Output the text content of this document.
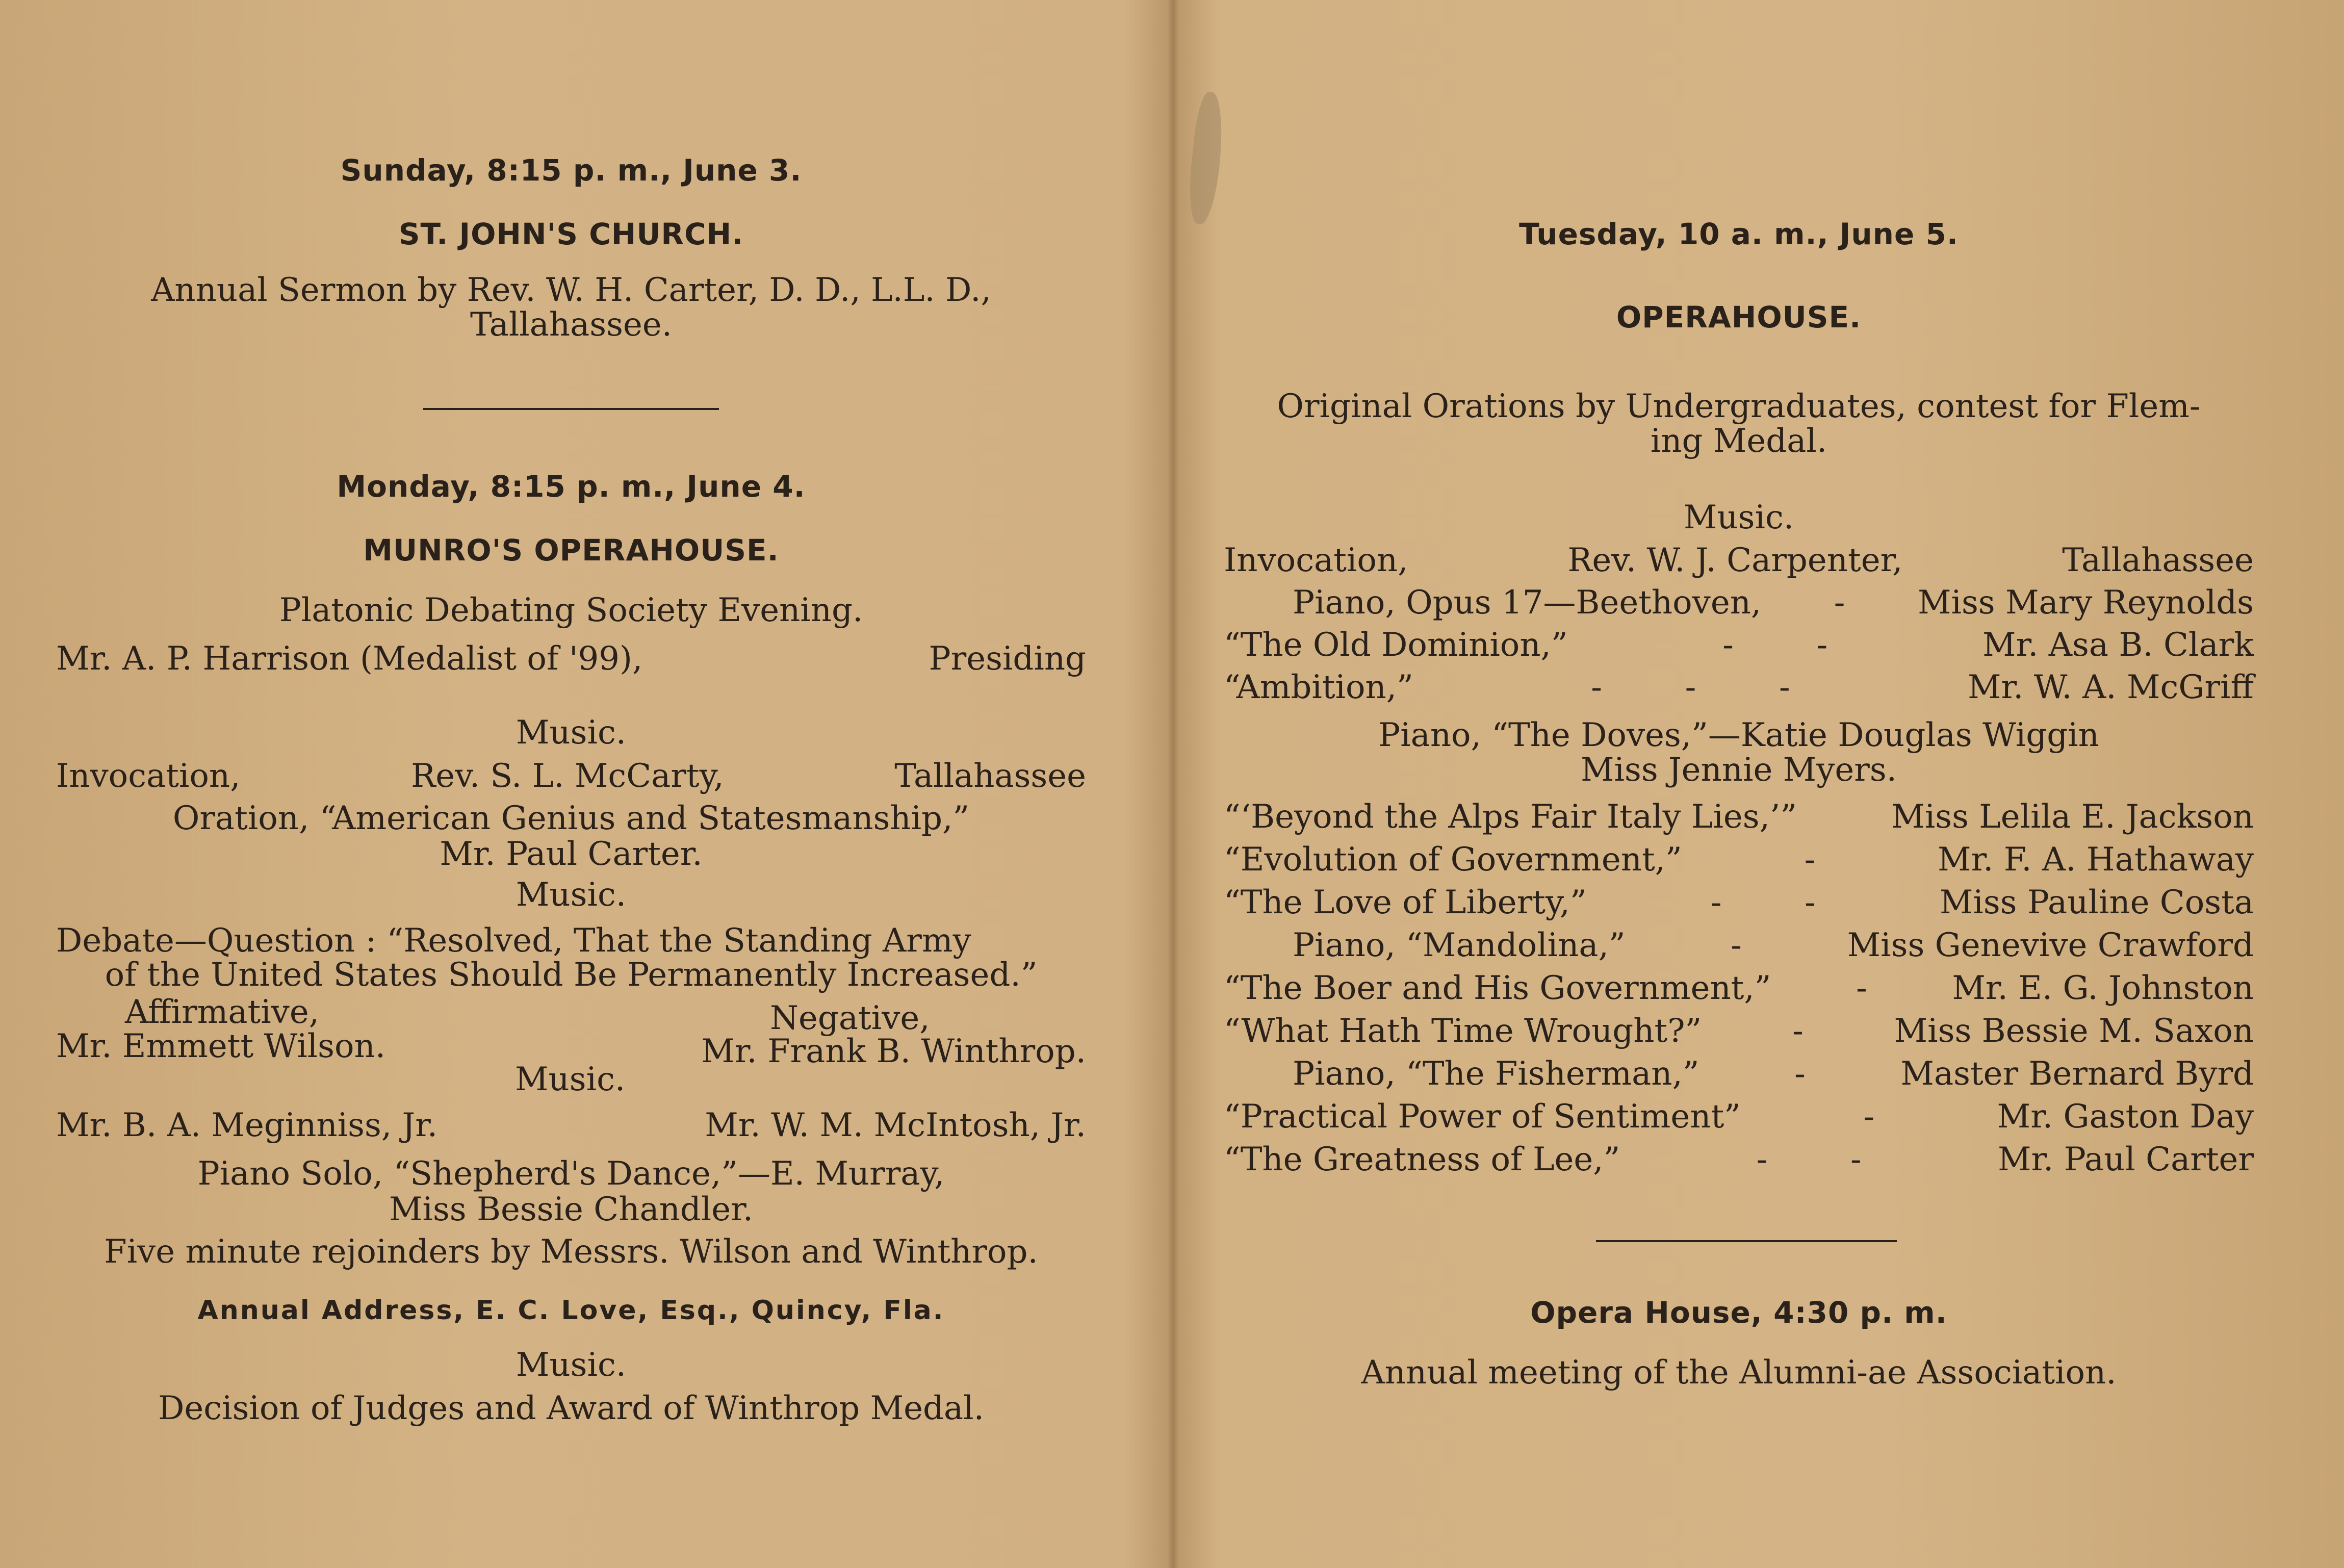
Sunday, 8:15 p. m., June 3.
ST. JOHN'S CHURCH.
Annual Sermon by Rev. W. H. Carter, D. D., L.L. D.,
Tallahassee.
Monday, 8:15 p. m., June 4.
MUNRO'S OPERAHOUSE.
Platonic Debating Society Evening.
Mr. A. P. Harrison (Medalist of '99),	Presiding
Music.
Invocation,	Rev. S. L. McCarty,	Tallahassee
Oration, “American Genius and Statesmanship,”
Mr. Paul Carter.
Music.
Debate—Question : “Resolved, That the Standing Army
of the United States Should Be Permanently Increased.”
Affirmative,	Negative,
Mr. Emmett Wilson.	Mr. Frank B. Winthrop.
Music.
Mr. B. A. Meginniss, Jr.	Mr. W. M. McIntosh, Jr.
Piano Solo, “Shepherd's Dance,”—E. Murray,
Miss Bessie Chandler.
Five minute rejoinders by Messrs. Wilson and Winthrop.
Annual Address, E. C. Love, Esq., Quincy, Fla.
Music.
Decision of Judges and Award of Winthrop Medal.
Tuesday, 10 a. m., June 5.
OPERAHOUSE.
Original Orations by Undergraduates, contest for Flem-
ing Medal.
Music.
Invocation,	Rev. W. J. Carpenter,	Tallahassee
Piano, Opus 17—Beethoven, - Miss Mary Reynolds
“The Old Dominion,”	-        -	Mr. Asa B. Clark
“Ambition,”	-        -        -	Mr. W. A. McGriff
Piano, “The Doves,”—Katie Douglas Wiggin
Miss Jennie Myers.
“‘Beyond the Alps Fair Italy Lies,’”	Miss Lelila E. Jackson
“Evolution of Government,”	-	Mr. F. A. Hathaway
“The Love of Liberty,”	-        -	Miss Pauline Costa
Piano, “Mandolina,”	-	Miss Genevive Crawford
“The Boer and His Government,”	-	Mr. E. G. Johnston
“What Hath Time Wrought?”	-	Miss Bessie M. Saxon
Piano, “The Fisherman,”	-	Master Bernard Byrd
“Practical Power of Sentiment”	-	Mr. Gaston Day
“The Greatness of Lee,”	-        -	Mr. Paul Carter
Opera House, 4:30 p. m.
Annual meeting of the Alumni-ae Association.
